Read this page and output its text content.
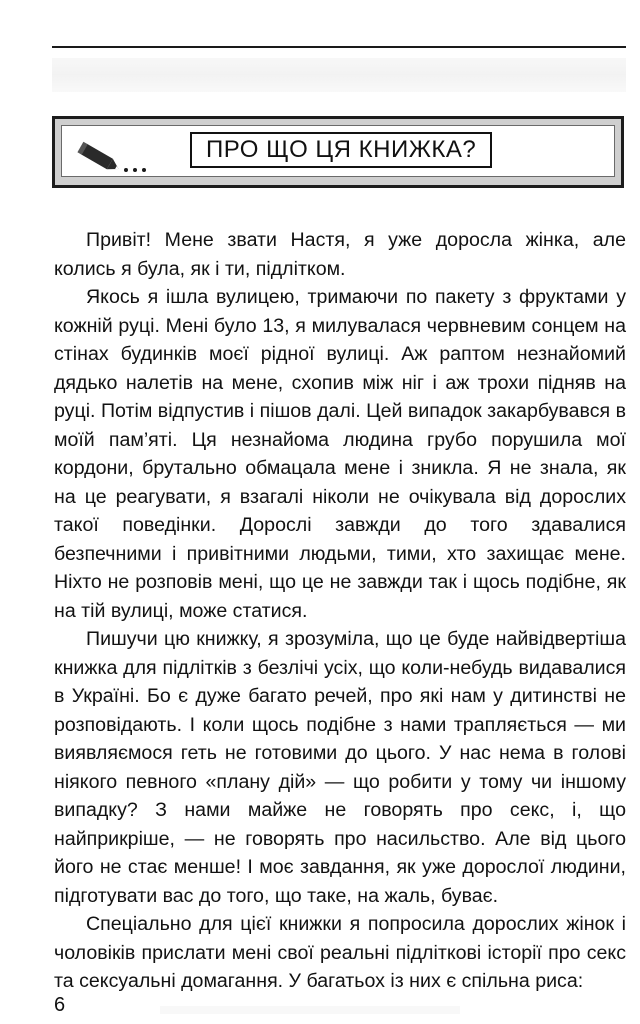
ПРО ЩО ЦЯ КНИЖКА?

Привіт! Мене звати Настя, я уже доросла жінка, але колись я була, як і ти, підлітком.

Якось я ішла вулицею, тримаючи по пакету з фруктами у кожній руці. Мені було 13, я милувалася червневим сонцем на стінах будинків моєї рідної вулиці. Аж раптом незнайомий дядько налетів на мене, схопив між ніг і аж трохи підняв на руці. Потім відпустив і пішов далі. Цей випадок закарбувався в моїй пам’яті. Ця незнайома людина грубо порушила мої кордони, брутально обмацала мене і зникла. Я не знала, як на це реагувати, я взагалі ніколи не очікувала від дорослих такої поведінки. Дорослі завжди до того здавалися безпечними і привітними людьми, тими, хто захищає мене. Ніхто не розповів мені, що це не завжди так і щось подібне, як на тій вулиці, може статися.

Пишучи цю книжку, я зрозуміла, що це буде найвідвертіша книжка для підлітків з безлічі усіх, що коли-небудь видавалися в Україні. Бо є дуже багато речей, про які нам у дитинстві не розповідають. І коли щось подібне з нами трапляється — ми виявляємося геть не готовими до цього. У нас нема в голові ніякого певного «плану дій» — що робити у тому чи іншому випадку? З нами майже не говорять про секс, і, що найприкріше, — не говорять про насильство. Але від цього його не стає менше! І моє завдання, як уже дорослої людини, підготувати вас до того, що таке, на жаль, буває.

Спеціально для цієї книжки я попросила дорослих жінок і чоловіків прислати мені свої реальні підліткові історії про секс та сексуальні домагання. У багатьох із них є спільна риса:

6
